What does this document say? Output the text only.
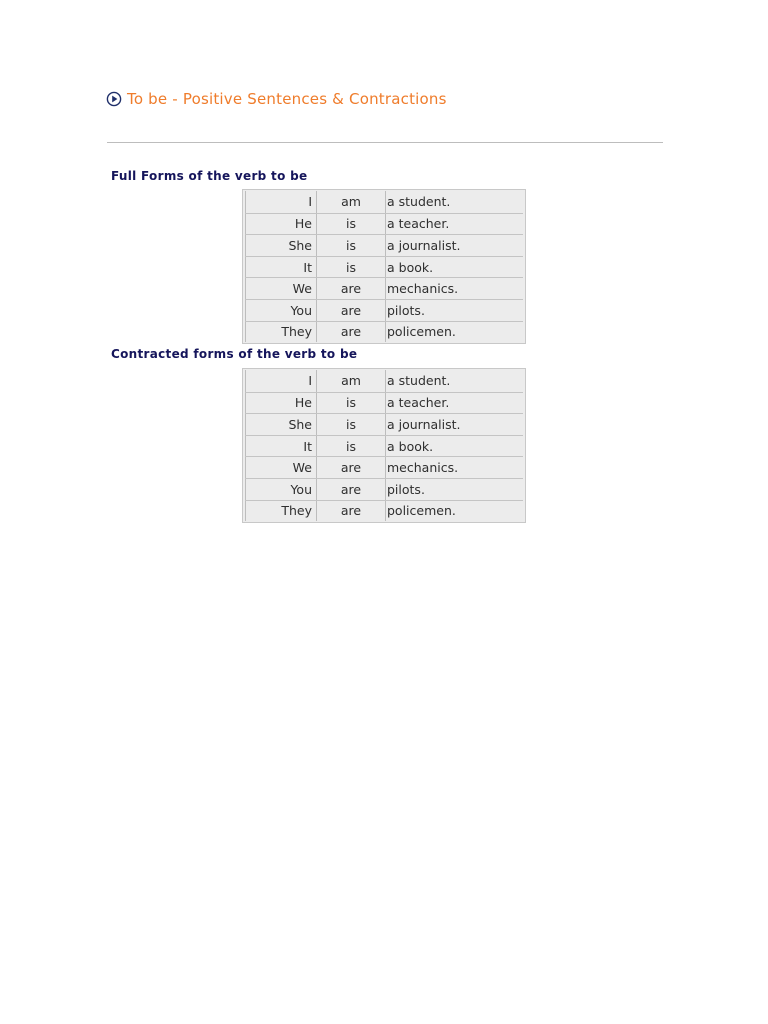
To be - Positive Sentences & Contractions
Full Forms of the verb to be
I	am	a student.
He	is	a teacher.
She	is	a journalist.
It	is	a book.
We	are	mechanics.
You	are	pilots.
They	are	policemen.
Contracted forms of the verb to be
I	am	a student.
He	is	a teacher.
She	is	a journalist.
It	is	a book.
We	are	mechanics.
You	are	pilots.
They	are	policemen.
